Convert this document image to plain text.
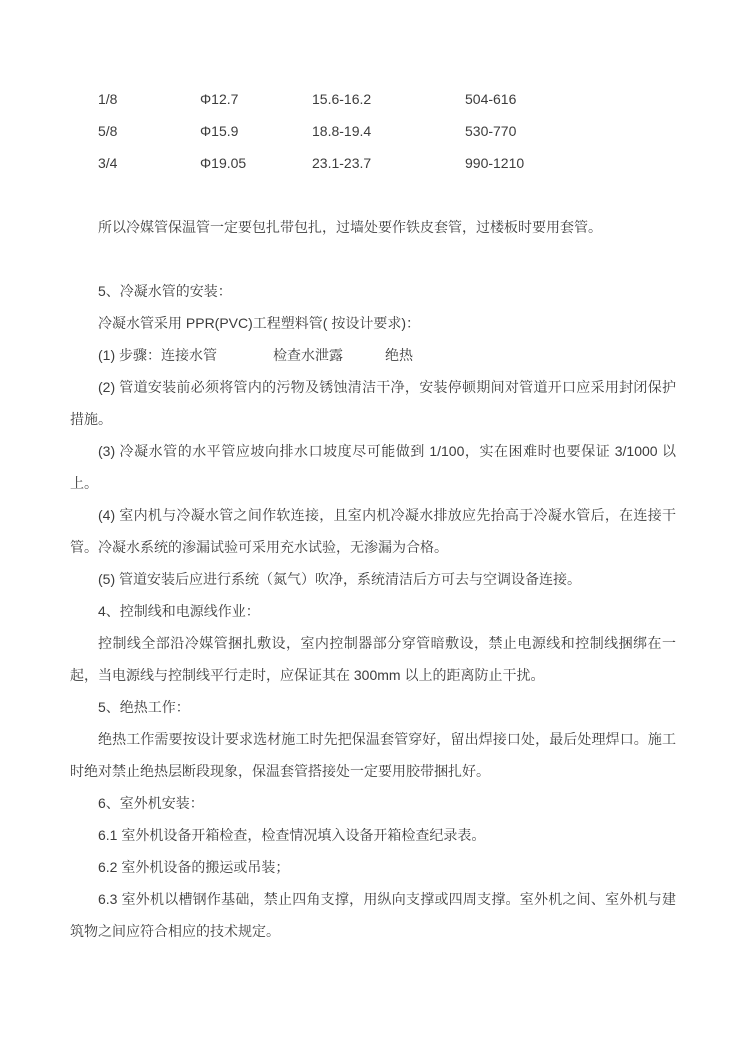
1/8	Φ12.7	15.6-16.2	504-616
5/8	Φ15.9	18.8-19.4	530-770
3/4	Φ19.05	23.1-23.7	990-1210

所以冷媒管保温管一定要包扎带包扎，过墙处要作铁皮套管，过楼板时要用套管。

5、冷凝水管的安装：

冷凝水管采用 PPR(PVC)工程塑料管( 按设计要求)：

(1) 步骤：连接水管　　　　检查水泄露　　　绝热

(2) 管道安装前必须将管内的污物及锈蚀清洁干净，安装停顿期间对管道开口应采用封闭保护措施。

(3) 冷凝水管的水平管应坡向排水口坡度尽可能做到 1/100，实在困难时也要保证 3/1000 以上。

(4) 室内机与冷凝水管之间作软连接，且室内机冷凝水排放应先抬高于冷凝水管后，在连接干管。冷凝水系统的渗漏试验可采用充水试验，无渗漏为合格。

(5) 管道安装后应进行系统（氮气）吹净，系统清洁后方可去与空调设备连接。

4、控制线和电源线作业：

控制线全部沿冷媒管捆扎敷设，室内控制器部分穿管暗敷设，禁止电源线和控制线捆绑在一起，当电源线与控制线平行走时，应保证其在 300mm 以上的距离防止干扰。

5、绝热工作：

绝热工作需要按设计要求选材施工时先把保温套管穿好，留出焊接口处，最后处理焊口。施工时绝对禁止绝热层断段现象，保温套管搭接处一定要用胶带捆扎好。

6、室外机安装：

6.1 室外机设备开箱检查，检查情况填入设备开箱检查纪录表。

6.2 室外机设备的搬运或吊装；

6.3 室外机以槽钢作基础，禁止四角支撑，用纵向支撑或四周支撑。室外机之间、室外机与建筑物之间应符合相应的技术规定。
